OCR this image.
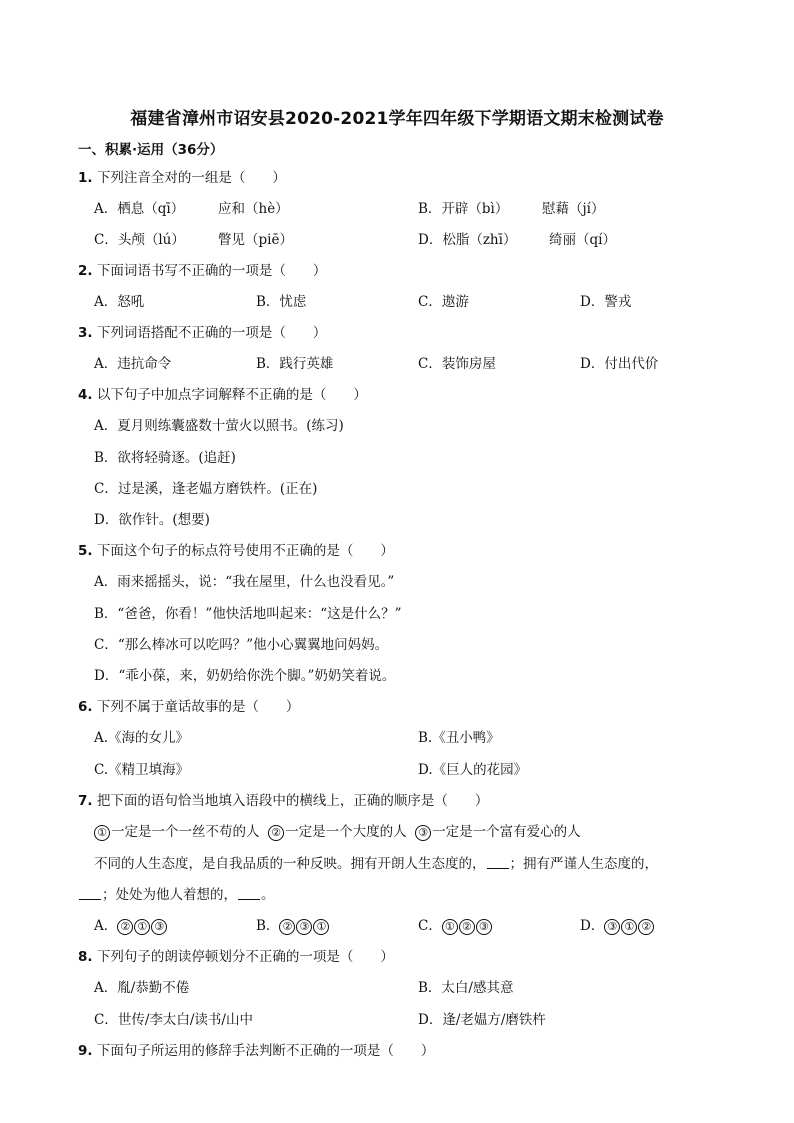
福建省漳州市诏安县2020-2021学年四年级下学期语文期末检测试卷
一、积累·运用（36分）
1. 下列注音全对的一组是（　　）
A．栖息（qī）	应和（hè）	B．开辟（bì） 慰藉（jí）
C．头颅（lú） 瞥见（piē）	D．松脂（zhī） 绮丽（qí）
2. 下面词语书写不正确的一项是（　　）
A．怒吼	B．忧虑	C．遨游	D．警戎
3. 下列词语搭配不正确的一项是（　　）
A．违抗命令	B．践行英雄	C．装饰房屋	D．付出代价
4. 以下句子中加点字词解释不正确的是（　　）
A．夏月则练囊盛数十萤火以照书。(练习)
B．欲将轻骑逐。(追赶)
C．过是溪，逢老媪方磨铁杵。(正在)
D．欲作针。(想要)
5. 下面这个句子的标点符号使用不正确的是（　　）
A．雨来摇摇头，说：“我在屋里，什么也没看见。”
B．“爸爸，你看！”他快活地叫起来：“这是什么？”
C．“那么棒冰可以吃吗？”他小心翼翼地问妈妈。
D．“乖小葆，来，奶奶给你洗个脚。”奶奶笑着说。
6. 下列不属于童话故事的是（　　）
A.《海的女儿》	B.《丑小鸭》
C.《精卫填海》	D.《巨人的花园》
7. 把下面的语句恰当地填入语段中的横线上，正确的顺序是（　　）
① 一定是一个一丝不苟的人 ② 一定是一个大度的人 ③ 一定是一个富有爱心的人
不同的人生态度，是自我品质的一种反映。拥有开朗人生态度的， ；拥有严谨人生态度的，
；处处为他人着想的， 。
A． ② ① ③	B． ② ③ ①	C． ① ② ③	D． ③ ① ②
8. 下列句子的朗读停顿划分不正确的一项是（　　）
A．胤/恭勤不倦	B．太白/感其意
C．世传/李太白/读书/山中	D．逢/老媪方/磨铁杵
9. 下面句子所运用的修辞手法判断不正确的一项是（　　）
